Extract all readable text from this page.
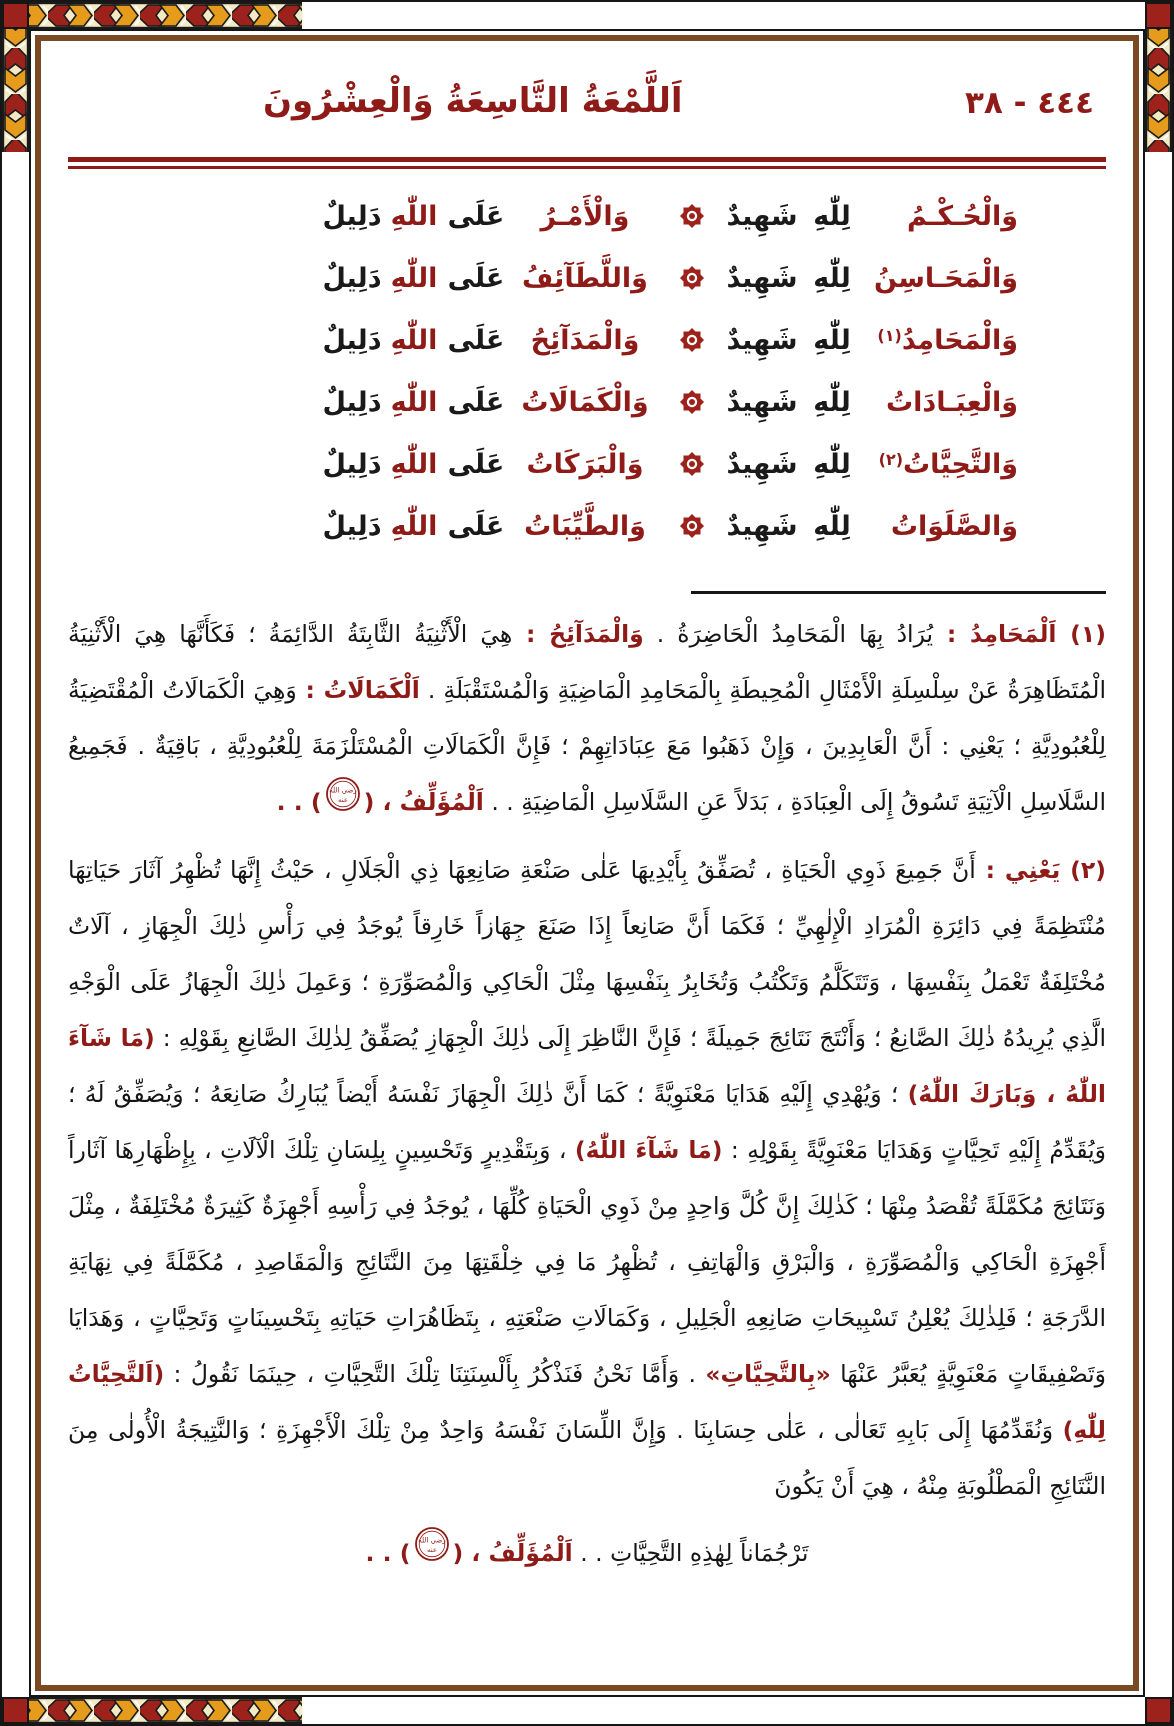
٤٤٤ - ٣٨
اَللَّمْعَةُ التَّاسِعَةُ وَالْعِشْرُونَ
وَالْحُـكْـمُ
لِلّٰهِ
شَهِيدٌ
وَالْأَمْـرُ
عَلَى
اللّٰهِ
دَلِيلٌ
وَالْمَحَـاسِنُ
لِلّٰهِ
شَهِيدٌ
وَاللَّطَآئِفُ
عَلَى
اللّٰهِ
دَلِيلٌ
وَالْمَحَامِدُ$^{(١)}$
لِلّٰهِ
شَهِيدٌ
وَالْمَدَآئِحُ
عَلَى
اللّٰهِ
دَلِيلٌ
وَالْعِبَـادَاتُ
لِلّٰهِ
شَهِيدٌ
وَالْكَمَالَاتُ
عَلَى
اللّٰهِ
دَلِيلٌ
وَالتَّحِيَّاتُ$^{(٢)}$
لِلّٰهِ
شَهِيدٌ
وَالْبَرَكَاتُ
عَلَى
اللّٰهِ
دَلِيلٌ
وَالصَّلَوَاتُ
لِلّٰهِ
شَهِيدٌ
وَالطَّيِّبَاتُ
عَلَى
اللّٰهِ
دَلِيلٌ

(١) اَلْمَحَامِدُ : يُرَادُ بِهَا الْمَحَامِدُ الْحَاضِرَةُ . وَالْمَدَآئِحُ : هِيَ الْأَثْنِيَةُ الثَّابِتَةُ الدَّائِمَةُ ؛ فَكَأَنَّهَا هِيَ الْأَثْنِيَةُ الْمُتَظَاهِرَةُ عَنْ سِلْسِلَةِ الْأَمْثَالِ الْمُحِيطَةِ بِالْمَحَامِدِ الْمَاضِيَةِ وَالْمُسْتَقْبَلَةِ . اَلْكَمَالَاتُ : وَهِيَ الْكَمَالَاتُ الْمُقْتَضِيَةُ لِلْعُبُودِيَّةِ ؛ يَعْنِي : أَنَّ الْعَابِدِينَ ، وَإِنْ ذَهَبُوا مَعَ عِبَادَاتِهِمْ ؛ فَإِنَّ الْكَمَالَاتِ الْمُسْتَلْزَمَةَ لِلْعُبُودِيَّةِ ، بَاقِيَةٌ . فَجَمِيعُ السَّلَاسِلِ الْآتِيَةِ تَسُوقُ إِلَى الْعِبَادَةِ ، بَدَلاً عَنِ السَّلَاسِلِ الْمَاضِيَةِ . . اَلْمُؤَلِّفُ ، (
رضي الله
عنه
) . .

(٢) يَعْنِي : أَنَّ جَمِيعَ ذَوِي الْحَيَاةِ ، تُصَفِّقُ بِأَيْدِيهَا عَلٰى صَنْعَةِ صَانِعِهَا ذِي الْجَلَالِ ، حَيْثُ إِنَّهَا تُظْهِرُ آثَارَ حَيَاتِهَا مُنْتَظِمَةً فِي دَائِرَةِ الْمُرَادِ الْإِلٰهِيِّ ؛ فَكَمَا أَنَّ صَانِعاً إِذَا صَنَعَ جِهَازاً خَارِقاً يُوجَدُ فِي رَأْسِ ذٰلِكَ الْجِهَازِ ، آلَاتٌ مُخْتَلِفَةٌ تَعْمَلُ بِنَفْسِهَا ، وَتَتَكَلَّمُ وَتَكْتُبُ وَتُخَابِرُ بِنَفْسِهَا مِثْلَ الْحَاكِي وَالْمُصَوِّرَةِ ؛ وَعَمِلَ ذٰلِكَ الْجِهَازُ عَلَى الْوَجْهِ الَّذِي يُرِيدُهُ ذٰلِكَ الصَّانِعُ ؛ وَأَنْتَجَ نَتَائِجَ جَمِيلَةً ؛ فَإِنَّ النَّاظِرَ إِلَى ذٰلِكَ الْجِهَازِ يُصَفِّقُ لِذٰلِكَ الصَّانِعِ بِقَوْلِهِ : (مَا شَآءَ اللّٰهُ ، وَبَارَكَ اللّٰهُ) ؛ وَيُهْدِي إِلَيْهِ هَدَايَا مَعْنَوِيَّةً ؛ كَمَا أَنَّ ذٰلِكَ الْجِهَازَ نَفْسَهُ أَيْضاً يُبَارِكُ صَانِعَهُ ؛ وَيُصَفِّقُ لَهُ ؛ وَيُقَدِّمُ إِلَيْهِ تَحِيَّاتٍ وَهَدَايَا مَعْنَوِيَّةً بِقَوْلِهِ : (مَا شَآءَ اللّٰهُ) ، وَبِتَقْدِيرٍ وَتَحْسِينٍ بِلِسَانِ تِلْكَ الْآلَاتِ ، بِإِظْهَارِهَا آثَاراً وَنَتَائِجَ مُكَمَّلَةً تُقْصَدُ مِنْهَا ؛ كَذٰلِكَ إِنَّ كُلَّ وَاحِدٍ مِنْ ذَوِي الْحَيَاةِ كُلِّهَا ، يُوجَدُ فِي رَأْسِهِ أَجْهِزَةٌ كَثِيرَةٌ مُخْتَلِفَةٌ ، مِثْلَ أَجْهِزَةِ الْحَاكِي وَالْمُصَوِّرَةِ ، وَالْبَرْقِ وَالْهَاتِفِ ، تُظْهِرُ مَا فِي خِلْقَتِهَا مِنَ النَّتَائِجِ وَالْمَقَاصِدِ ، مُكَمَّلَةً فِي نِهَايَةِ الدَّرَجَةِ ؛ فَلِذٰلِكَ يُعْلِنُ تَسْبِيحَاتِ صَانِعِهِ الْجَلِيلِ ، وَكَمَالَاتِ صَنْعَتِهِ ، بِتَظَاهُرَاتِ حَيَاتِهِ بِتَحْسِينَاتٍ وَتَحِيَّاتٍ ، وَهَدَايَا وَتَصْفِيقَاتٍ مَعْنَوِيَّةٍ يُعَبَّرُ عَنْهَا «بِالتَّحِيَّاتِ» . وَأَمَّا نَحْنُ فَنَذْكُرُ بِأَلْسِنَتِنَا تِلْكَ التَّحِيَّاتِ ، حِينَمَا نَقُولُ : (اَلتَّحِيَّاتُ لِلّٰهِ) وَنُقَدِّمُهَا إِلَى بَابِهِ تَعَالٰى ، عَلٰى حِسَابِنَا . وَإِنَّ اللِّسَانَ نَفْسَهُ وَاحِدٌ مِنْ تِلْكَ الْأَجْهِزَةِ ؛ وَالنَّتِيجَةُ الْأُولٰى مِنَ النَّتَائِجِ الْمَطْلُوبَةِ مِنْهُ ، هِيَ أَنْ يَكُونَ

تَرْجُمَاناً لِهٰذِهِ التَّحِيَّاتِ . . اَلْمُؤَلِّفُ ، (
رضي الله
عنه
) . .
